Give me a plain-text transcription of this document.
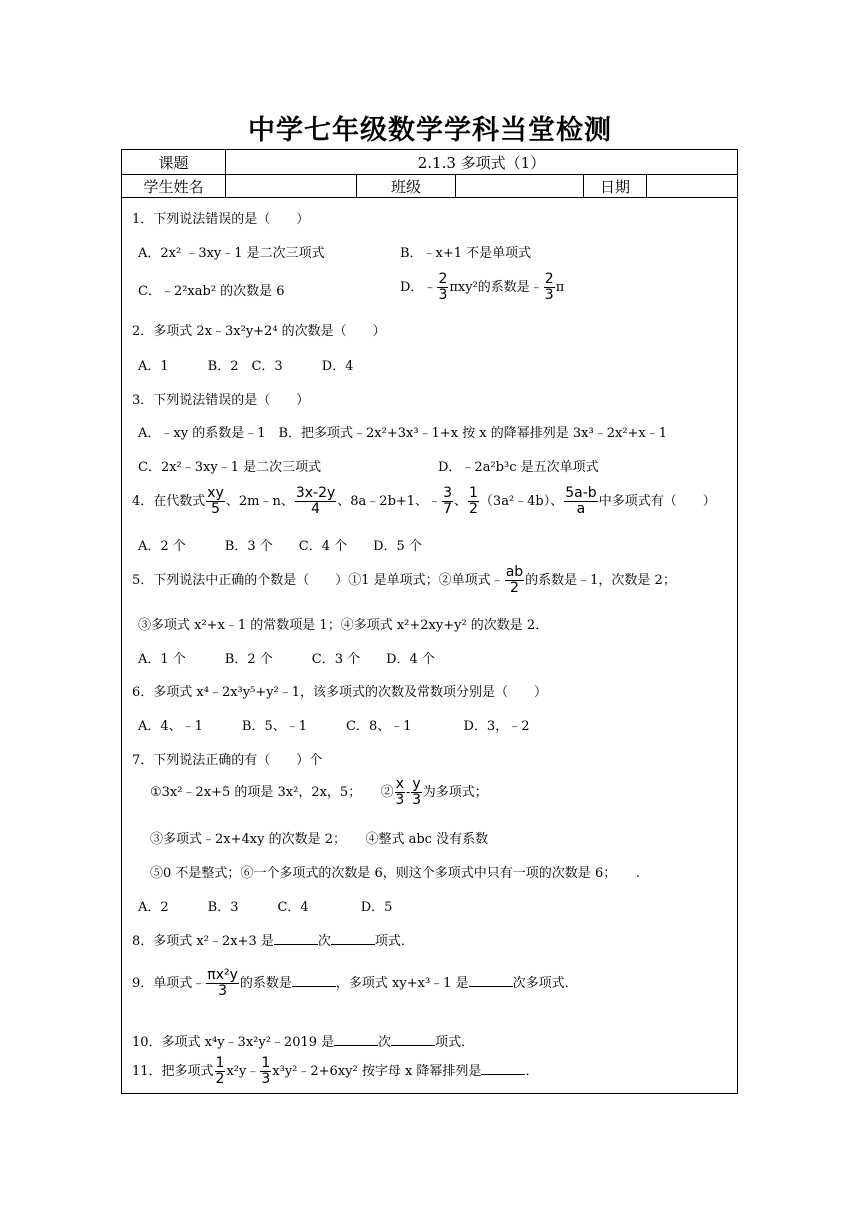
中学七年级数学学科当堂检测
课题	2.1.3 多项式（1）
学生姓名	班级	日期
1．下列说法错误的是（　　）
A．2x² ﹣3xy﹣1 是二次三项式	B．﹣x+1 不是单项式
C．﹣2²xab² 的次数是 6	D．﹣ $\frac{2}{3} \pi xy^2$的系数是﹣ $\frac{2}{3}$ π
2．多项式 2x﹣3x²y+2⁴ 的次数是（　　）
A．1　　　B．2　C．3　　　D．4
3．下列说法错误的是（　　）
A．﹣xy 的系数是﹣1　B．把多项式﹣2x²+3x³﹣1+x 按 x 的降幂排列是 3x³﹣2x²+x﹣1
C．2x²﹣3xy﹣1 是二次三项式	D．﹣2a²b³c 是五次单项式
4．在代数式 $\frac{xy}{5}$ 、2m﹣n、 $\frac{3x-2y}{4}$ 、8a﹣2b+1、﹣ $\frac{3}{7}$ 、 $\frac{1}{2}$ （3a²﹣4b）、 $\frac{5a-b}{a}$ 中多项式有（　　）
A．2 个　　　B．3 个　　C．4 个　　D．5 个
5．下列说法中正确的个数是（　　）①1 是单项式；②单项式﹣ $\frac{ab}{2}$ 的系数是﹣1，次数是 2；
③多项式 x²+x﹣1 的常数项是 1；④多项式 x²+2xy+y² 的次数是 2．
A．1 个　　　B．2 个　　　C．3 个　　D．4 个
6．多项式 x⁴﹣2x³y⁵+y²﹣1，该多项式的次数及常数项分别是（　　）
A．4、﹣1　　　B．5、﹣1　　　C．8、﹣1　　　　D．3，﹣2
7．下列说法正确的有（　　）个
①3x²﹣2x+5 的项是 3x²，2x，5；　　② $\frac{x}{3} - \frac{y}{3}$ 为多项式；
③多项式﹣2x+4xy 的次数是 2；　　④整式 abc 没有系数
⑤0 不是整式；⑥一个多项式的次数是 6，则这个多项式中只有一项的次数是 6；　　.
A．2　　　B．3　　　C．4　　　　D．5
8．多项式 x²﹣2x+3 是	次	项式．
9．单项式﹣ $\frac{\text{πx²y}}{3}$ 的系数是	，多项式 xy+x³﹣1 是	次多项式．
10．多项式 x⁴y﹣3x²y²﹣2019 是	次	项式．
11．把多项式 $\frac{1}{2}$ x²y﹣ $\frac{1}{3}$ x³y²﹣2+6xy² 按字母 x 降幂排列是	．
